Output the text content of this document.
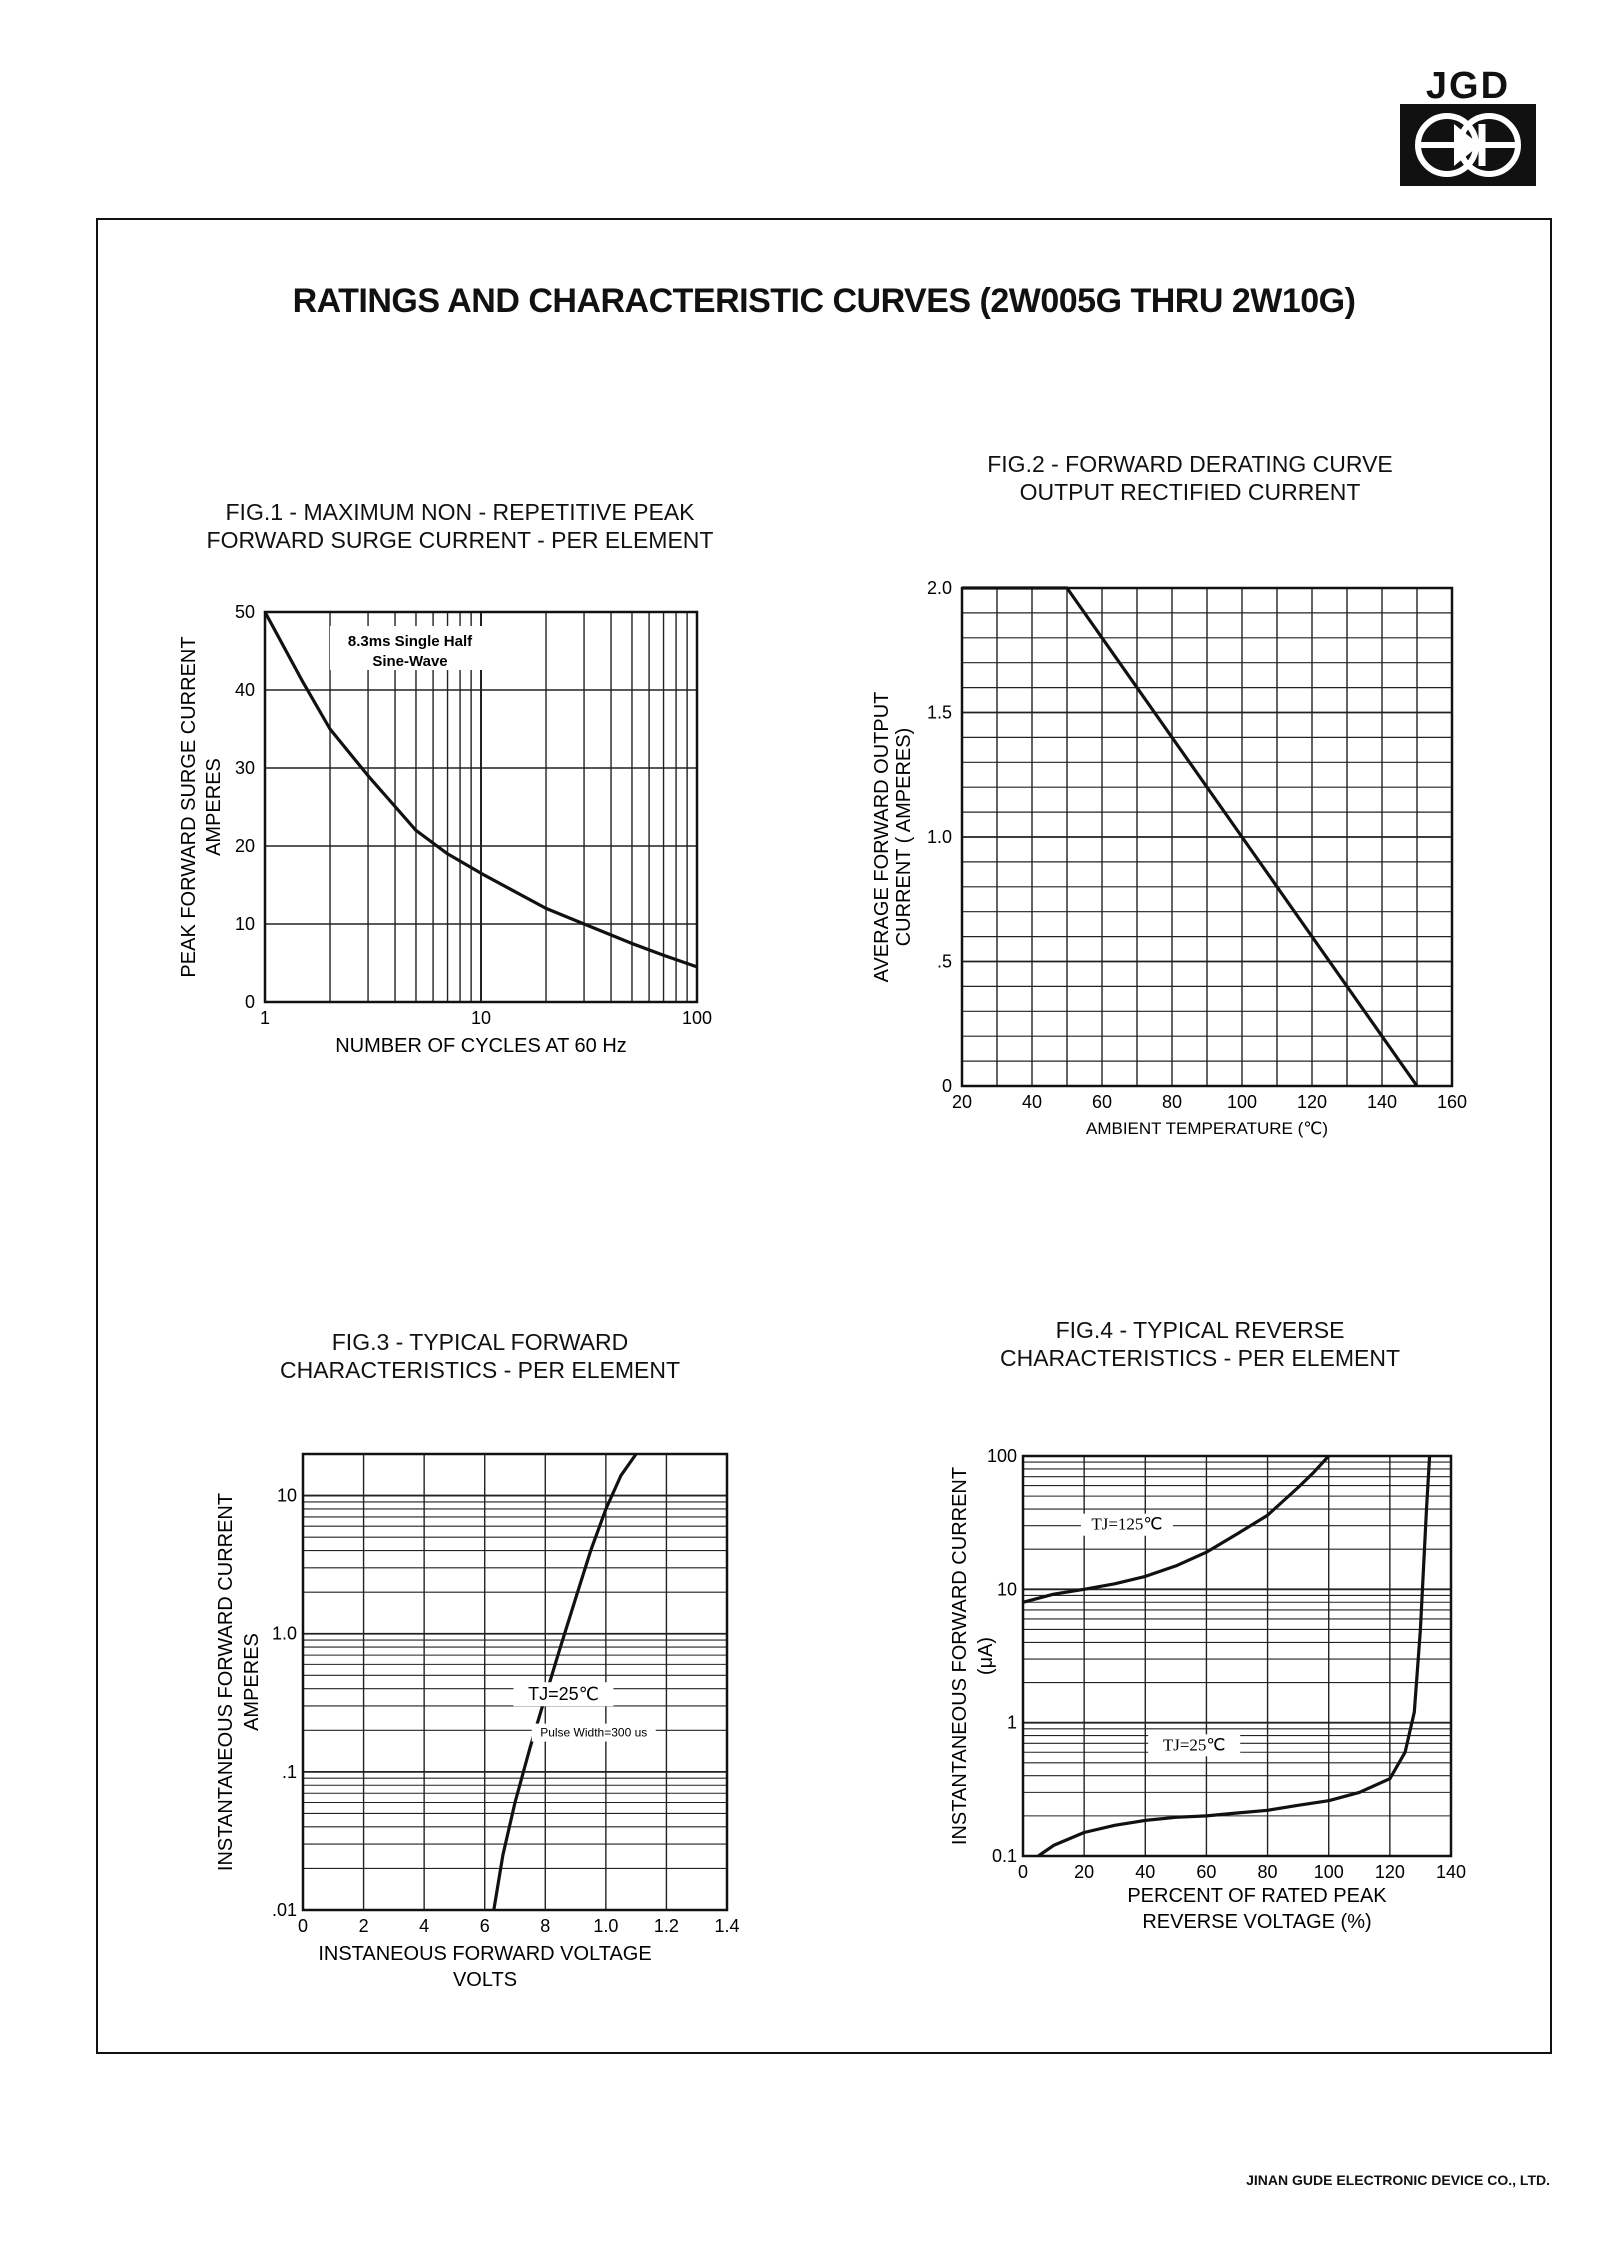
JGD
RATINGS AND CHARACTERISTIC CURVES (2W005G THRU 2W10G)
FIG.1 - MAXIMUM NON - REPETITIVE PEAK
FORWARD SURGE CURRENT - PER ELEMENT
FIG.2 - FORWARD DERATING CURVE
OUTPUT RECTIFIED CURRENT
FIG.3 - TYPICAL FORWARD
CHARACTERISTICS - PER ELEMENT
FIG.4 - TYPICAL REVERSE
CHARACTERISTICS - PER ELEMENT
8.3ms Single Half
Sine-Wave
1	10	100
0
10
20
30
40
50
NUMBER OF CYCLES AT 60 Hz
PEAK FORWARD SURGE CURRENT AMPERES
20	40	60	80 100 120 140 160
0
.5
1.0
1.5
2.0
AMBIENT TEMPERATURE (℃)
AVERAGE FORWARD OUTPUT CURRENT ( AMPERES)
TJ=25℃
Pulse Width=300 us
0	2	4	6	8 1.0 1.2 1.4
.01
.1
1.0
10
INSTANEOUS FORWARD VOLTAGE
VOLTS
INSTANTANEOUS FORWARD CURRENT AMPERES
TJ=125℃
TJ=25℃
0	20 40 60 80 100 120 140
0.1
1
10
100
PERCENT OF RATED PEAK
REVERSE VOLTAGE (%)
INSTANTANEOUS FORWARD CURRENT (μA)
JINAN GUDE ELECTRONIC DEVICE CO., LTD.
